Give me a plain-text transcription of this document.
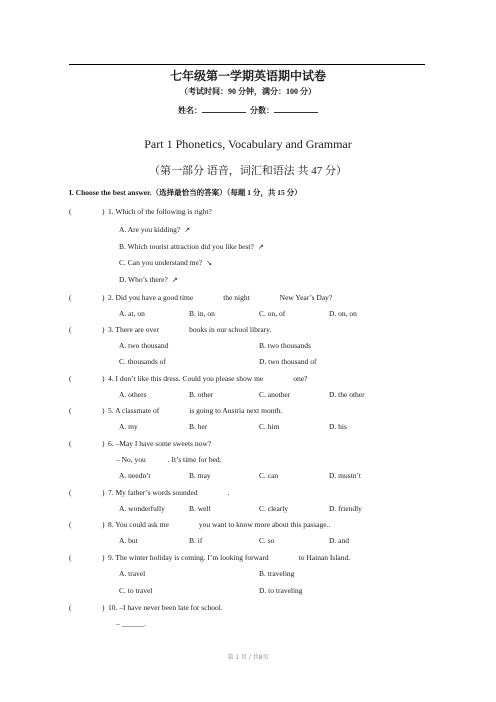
七年级第一学期英语期中试卷
（考试时间：90 分钟，满分：100 分）
姓名：	分数：
Part 1 Phonetics, Vocabulary and Grammar
（第一部分 语音，词汇和语法 共 47 分）
I. Choose the best answer.（选择最恰当的答案）（每题 1 分，共 15 分）
(	) 1. Which of the following is right?
A. Are you kidding? ↗
B. Which tourist attraction did you like best? ↗
C. Can you understand me? ↘
D. Who’s there? ↗
(	) 2. Did you have a good time	the night	New Year’s Day?
A. at, on	B. in, on	C. on, of	D. on, on
(	) 3. There are over	books in our school library.
A. two thousand	B. two thousands
C. thousands of	D. two thousand of
(	) 4. I don’t like this dress. Could you please show me	one?
A. others	B. other	C. another	D. the other
(	) 5. A classmate of	is going to Austria next month.
A. my	B. her	C. him	D. his
(	) 6. –May I have some sweets now?
– No, you	. It’s time for bed.
A. needn’t	B. may	C. can	D. mustn’t
(	) 7. My father’s words sounded	.
A. wonderfully	B. well	C. clearly	D. friendly
(	) 8. You could ask me	you want to know more about this passage..
A. but	B. if	C. so	D. and
(	) 9. The winter holiday is coming. I’m looking forward	to Hainan Island.
A. travel	B. traveling
C. to travel	D. to traveling
(	) 10. –I have never been late for school.
– ______.
第 1 页 / 共8页
